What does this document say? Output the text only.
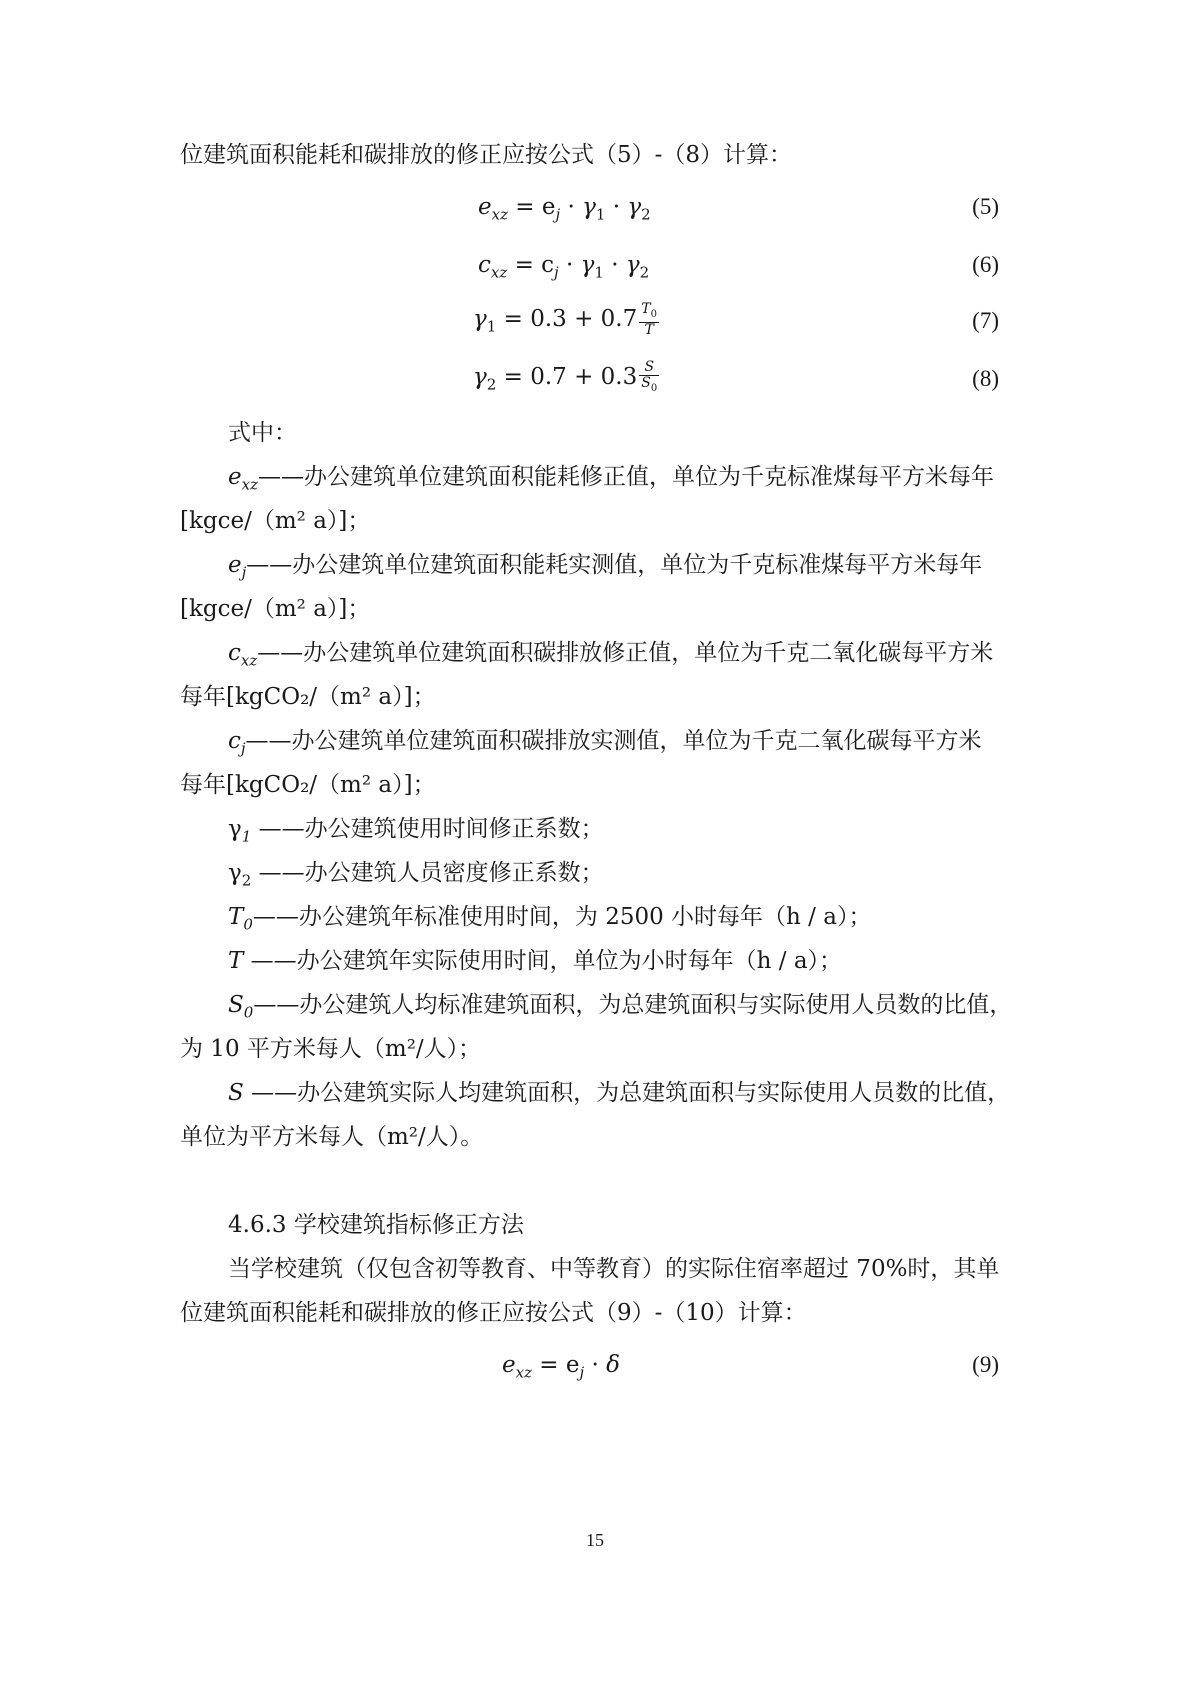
位建筑面积能耗和碳排放的修正应按公式（5）-（8）计算：

$e_{xz} = e_j \cdot \gamma_1 \cdot \gamma_2$	(5)
$c_{xz} = c_j \cdot \gamma_1 \cdot \gamma_2$	(6)
$\gamma_1 = 0.3 + 0.7 \frac{T_0}{T}$	(7)
$\gamma_2 = 0.7 + 0.3 \frac{S}{S_0}$	(8)

式中：

$e_{xz}——$办公建筑单位建筑面积能耗修正值，单位为千克标准煤每平方米每年

[kgce/（m² a）]；

$e_j——$办公建筑单位建筑面积能耗实测值，单位为千克标准煤每平方米每年

[kgce/（m² a）]；

$c_{xz}——$办公建筑单位建筑面积碳排放修正值，单位为千克二氧化碳每平方米

每年[kgCO₂/（m² a）]；

$c_j——$办公建筑单位建筑面积碳排放实测值，单位为千克二氧化碳每平方米

每年[kgCO₂/（m² a）]；

$\gamma_1$ ——办公建筑使用时间修正系数；

$\gamma_2$ ——办公建筑人员密度修正系数；

$T_0——$办公建筑年标准使用时间，为 2500 小时每年（h / a）；

T ——办公建筑年实际使用时间，单位为小时每年（h / a）；

$S_0——$办公建筑人均标准建筑面积，为总建筑面积与实际使用人员数的比值，

为 10 平方米每人（m²/人）；

S ——办公建筑实际人均建筑面积，为总建筑面积与实际使用人员数的比值，

单位为平方米每人（m²/人）。

4.6.3 学校建筑指标修正方法

当学校建筑（仅包含初等教育、中等教育）的实际住宿率超过 70%时，其单

位建筑面积能耗和碳排放的修正应按公式（9）-（10）计算：

$e_{xz} = e_j \cdot \delta$	(9)
15
